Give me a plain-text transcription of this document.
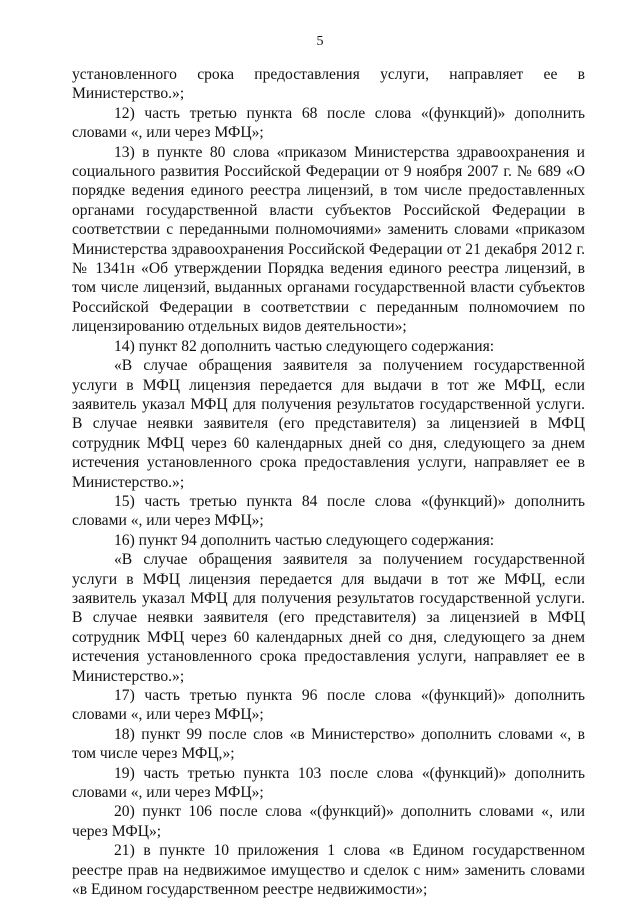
5

установленного срока предоставления услуги, направляет ее в Министерство.»;

12) часть третью пункта 68 после слова «(функций)» дополнить словами «, или через МФЦ»;

13) в пункте 80 слова «приказом Министерства здравоохранения и социального развития Российской Федерации от 9 ноября 2007 г. № 689 «О порядке ведения единого реестра лицензий, в том числе предоставленных органами государственной власти субъектов Российской Федерации в соответствии с переданными полномочиями» заменить словами «приказом Министерства здравоохранения Российской Федерации от 21 декабря 2012 г. № 1341н «Об утверждении Порядка ведения единого реестра лицензий, в том числе лицензий, выданных органами государственной власти субъектов Российской Федерации в соответствии с переданным полномочием по лицензированию отдельных видов деятельности»;

14) пункт 82 дополнить частью следующего содержания:

«В случае обращения заявителя за получением государственной услуги в МФЦ лицензия передается для выдачи в тот же МФЦ, если заявитель указал МФЦ для получения результатов государственной услуги. В случае неявки заявителя (его представителя) за лицензией в МФЦ сотрудник МФЦ через 60 календарных дней со дня, следующего за днем истечения установленного срока предоставления услуги, направляет ее в Министерство.»;

15) часть третью пункта 84 после слова «(функций)» дополнить словами «, или через МФЦ»;

16) пункт 94 дополнить частью следующего содержания:

«В случае обращения заявителя за получением государственной услуги в МФЦ лицензия передается для выдачи в тот же МФЦ, если заявитель указал МФЦ для получения результатов государственной услуги. В случае неявки заявителя (его представителя) за лицензией в МФЦ сотрудник МФЦ через 60 календарных дней со дня, следующего за днем истечения установленного срока предоставления услуги, направляет ее в Министерство.»;

17) часть третью пункта 96 после слова «(функций)» дополнить словами «, или через МФЦ»;

18) пункт 99 после слов «в Министерство» дополнить словами «, в том числе через МФЦ,»;

19) часть третью пункта 103 после слова «(функций)» дополнить словами «, или через МФЦ»;

20) пункт 106 после слова «(функций)» дополнить словами «, или через МФЦ»;

21) в пункте 10 приложения 1 слова «в Едином государственном реестре прав на недвижимое имущество и сделок с ним» заменить словами «в Едином государственном реестре недвижимости»;
